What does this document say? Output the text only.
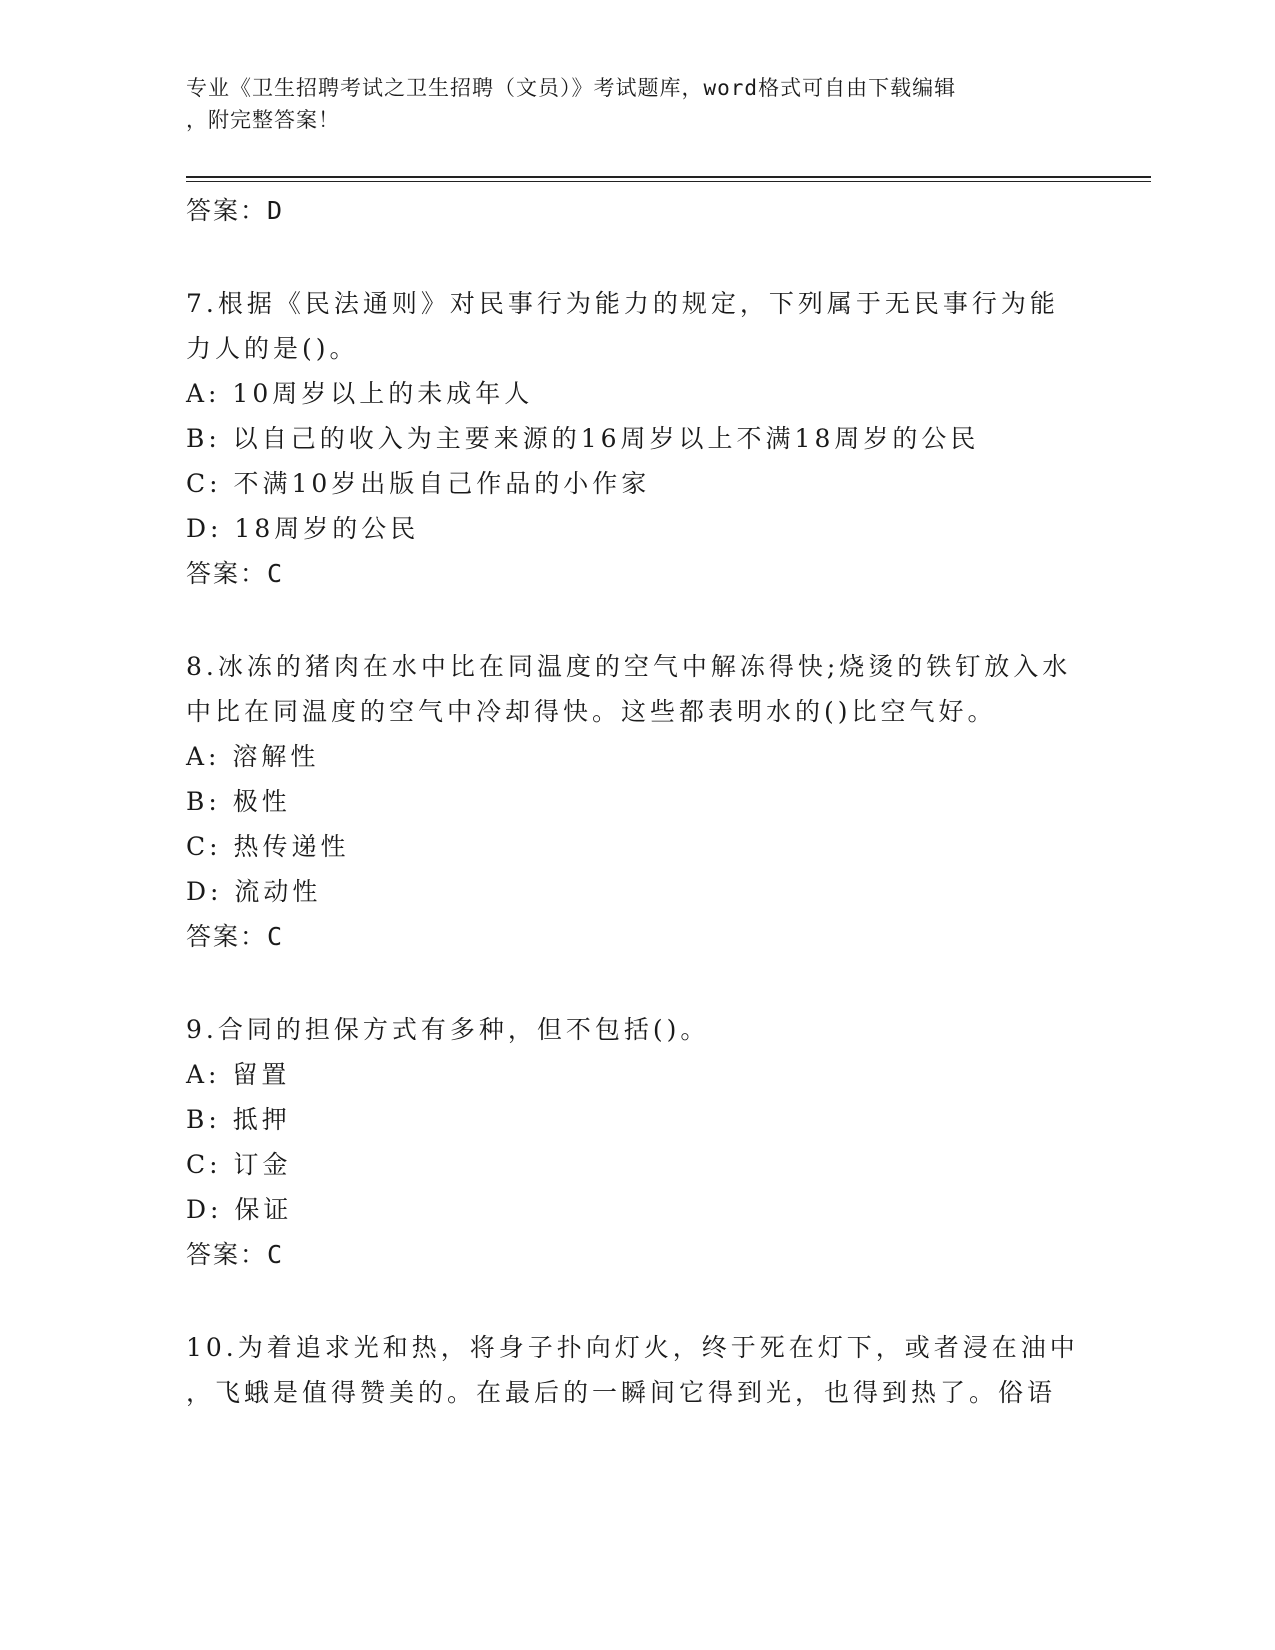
专业《卫生招聘考试之卫生招聘（文员）》考试题库，word格式可自由下载编辑
，附完整答案！
答案：D
7.根据《民法通则》对民事行为能力的规定，下列属于无民事行为能
力人的是()。
A: 10周岁以上的未成年人
B: 以自己的收入为主要来源的16周岁以上不满18周岁的公民
C: 不满10岁出版自己作品的小作家
D: 18周岁的公民
答案：C
8.冰冻的猪肉在水中比在同温度的空气中解冻得快;烧烫的铁钉放入水
中比在同温度的空气中冷却得快。这些都表明水的()比空气好。
A: 溶解性
B: 极性
C: 热传递性
D: 流动性
答案：C
9.合同的担保方式有多种，但不包括()。
A: 留置
B: 抵押
C: 订金
D: 保证
答案：C
10.为着追求光和热，将身子扑向灯火，终于死在灯下，或者浸在油中
，飞蛾是值得赞美的。在最后的一瞬间它得到光，也得到热了。俗语
